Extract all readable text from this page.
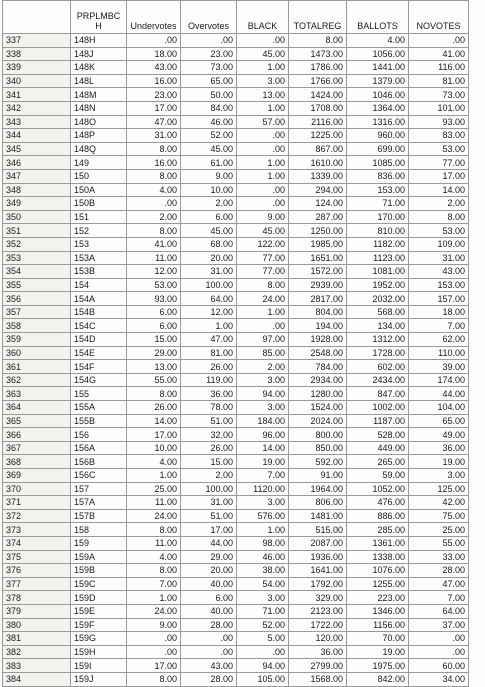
	PRPLMBCH	Undervotes	Overvotes	BLACK	TOTALREG	BALLOTS	NOVOTES
337	148H	.00	.00	.00	8.00	4.00	.00
338	148J	18.00	23.00	45.00	1473.00	1056.00	41.00
339	148K	43.00	73.00	1.00	1786.00	1441.00	116.00
340	148L	16.00	65.00	3.00	1766.00	1379.00	81.00
341	148M	23.00	50.00	13.00	1424.00	1046.00	73.00
342	148N	17.00	84.00	1.00	1708.00	1364.00	101.00
343	148O	47.00	46.00	57.00	2116.00	1316.00	93.00
344	148P	31.00	52.00	.00	1225.00	960.00	83.00
345	148Q	8.00	45.00	.00	867.00	699.00	53.00
346	149	16.00	61.00	1.00	1610.00	1085.00	77.00
347	150	8.00	9.00	1.00	1339.00	836.00	17.00
348	150A	4.00	10.00	.00	294.00	153.00	14.00
349	150B	.00	2.00	.00	124.00	71.00	2.00
350	151	2.00	6.00	9.00	287.00	170.00	8.00
351	152	8.00	45.00	45.00	1250.00	810.00	53.00
352	153	41.00	68.00	122.00	1985.00	1182.00	109.00
353	153A	11.00	20.00	77.00	1651.00	1123.00	31.00
354	153B	12.00	31.00	77.00	1572.00	1081.00	43.00
355	154	53.00	100.00	8.00	2939.00	1952.00	153.00
356	154A	93.00	64.00	24.00	2817.00	2032.00	157.00
357	154B	6.00	12.00	1.00	804.00	568.00	18.00
358	154C	6.00	1.00	.00	194.00	134.00	7.00
359	154D	15.00	47.00	97.00	1928.00	1312.00	62.00
360	154E	29.00	81.00	85.00	2548.00	1728.00	110.00
361	154F	13.00	26.00	2.00	784.00	602.00	39.00
362	154G	55.00	119.00	3.00	2934.00	2434.00	174.00
363	155	8.00	36.00	94.00	1280.00	847.00	44.00
364	155A	26.00	78.00	3.00	1524.00	1002.00	104.00
365	155B	14.00	51.00	184.00	2024.00	1187.00	65.00
366	156	17.00	32.00	96.00	800.00	528.00	49.00
367	156A	10.00	26.00	14.00	850.00	449.00	36.00
368	156B	4.00	15.00	19.00	592.00	265.00	19.00
369	156C	1.00	2.00	7.00	91.00	59.00	3.00
370	157	25.00	100.00	1120.00	1964.00	1052.00	125.00
371	157A	11.00	31.00	3.00	806.00	476.00	42.00
372	157B	24.00	51.00	576.00	1481.00	886.00	75.00
373	158	8.00	17.00	1.00	515.00	285.00	25.00
374	159	11.00	44.00	98.00	2087.00	1361.00	55.00
375	159A	4.00	29.00	46.00	1936.00	1338.00	33.00
376	159B	8.00	20.00	38.00	1641.00	1076.00	28.00
377	159C	7.00	40.00	54.00	1792.00	1255.00	47.00
378	159D	1.00	6.00	3.00	329.00	223.00	7.00
379	159E	24.00	40.00	71.00	2123.00	1346.00	64.00
380	159F	9.00	28.00	52.00	1722.00	1156.00	37.00
381	159G	.00	.00	5.00	120.00	70.00	.00
382	159H	.00	.00	.00	36.00	19.00	.00
383	159I	17.00	43.00	94.00	2799.00	1975.00	60.00
384	159J	8.00	28.00	105.00	1568.00	842.00	34.00
